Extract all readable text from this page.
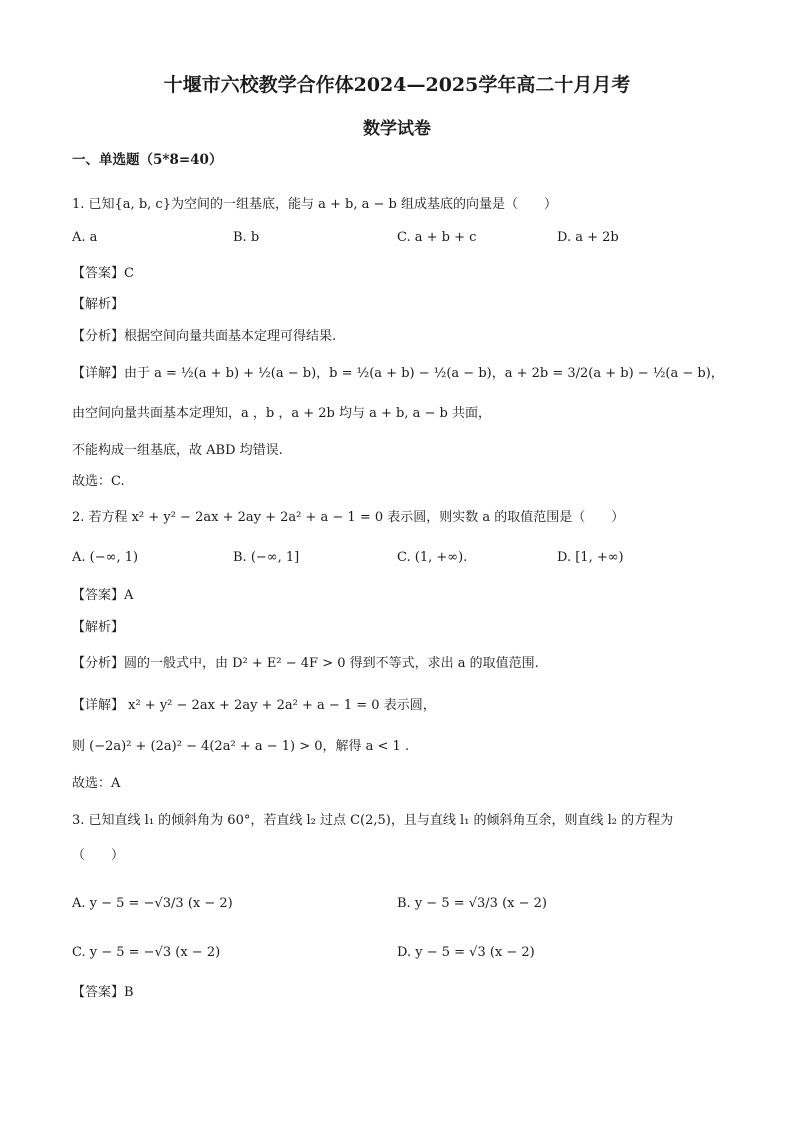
十堰市六校教学合作体2024—2025学年高二十月月考
数学试卷
一、单选题（5*8=40）
1. 已知{a, b, c}为空间的一组基底，能与 a + b, a − b 组成基底的向量是（　　）
A. a	B. b	C. a + b + c	D. a + 2b
【答案】C
【解析】
【分析】根据空间向量共面基本定理可得结果.
【详解】由于 a = ½(a + b) + ½(a − b)，b = ½(a + b) − ½(a − b)，a + 2b = 3/2(a + b) − ½(a − b)，
由空间向量共面基本定理知，a ，b ，a + 2b 均与 a + b, a − b 共面，
不能构成一组基底，故 ABD 均错误.
故选：C.
2. 若方程 x² + y² − 2ax + 2ay + 2a² + a − 1 = 0 表示圆，则实数 a 的取值范围是（　　）
A. (−∞, 1)	B. (−∞, 1]	C. (1, +∞).	D. [1, +∞)
【答案】A
【解析】
【分析】圆的一般式中，由 D² + E² − 4F > 0 得到不等式，求出 a 的取值范围.
【详解】 x² + y² − 2ax + 2ay + 2a² + a − 1 = 0 表示圆，
则 (−2a)² + (2a)² − 4(2a² + a − 1) > 0，解得 a < 1 .
故选：A
3. 已知直线 l₁ 的倾斜角为 60°，若直线 l₂ 过点 C(2,5)，且与直线 l₁ 的倾斜角互余，则直线 l₂ 的方程为
（　　）
A. y − 5 = −√3/3 (x − 2)	B. y − 5 = √3/3 (x − 2)
C. y − 5 = −√3 (x − 2)	D. y − 5 = √3 (x − 2)
【答案】B
